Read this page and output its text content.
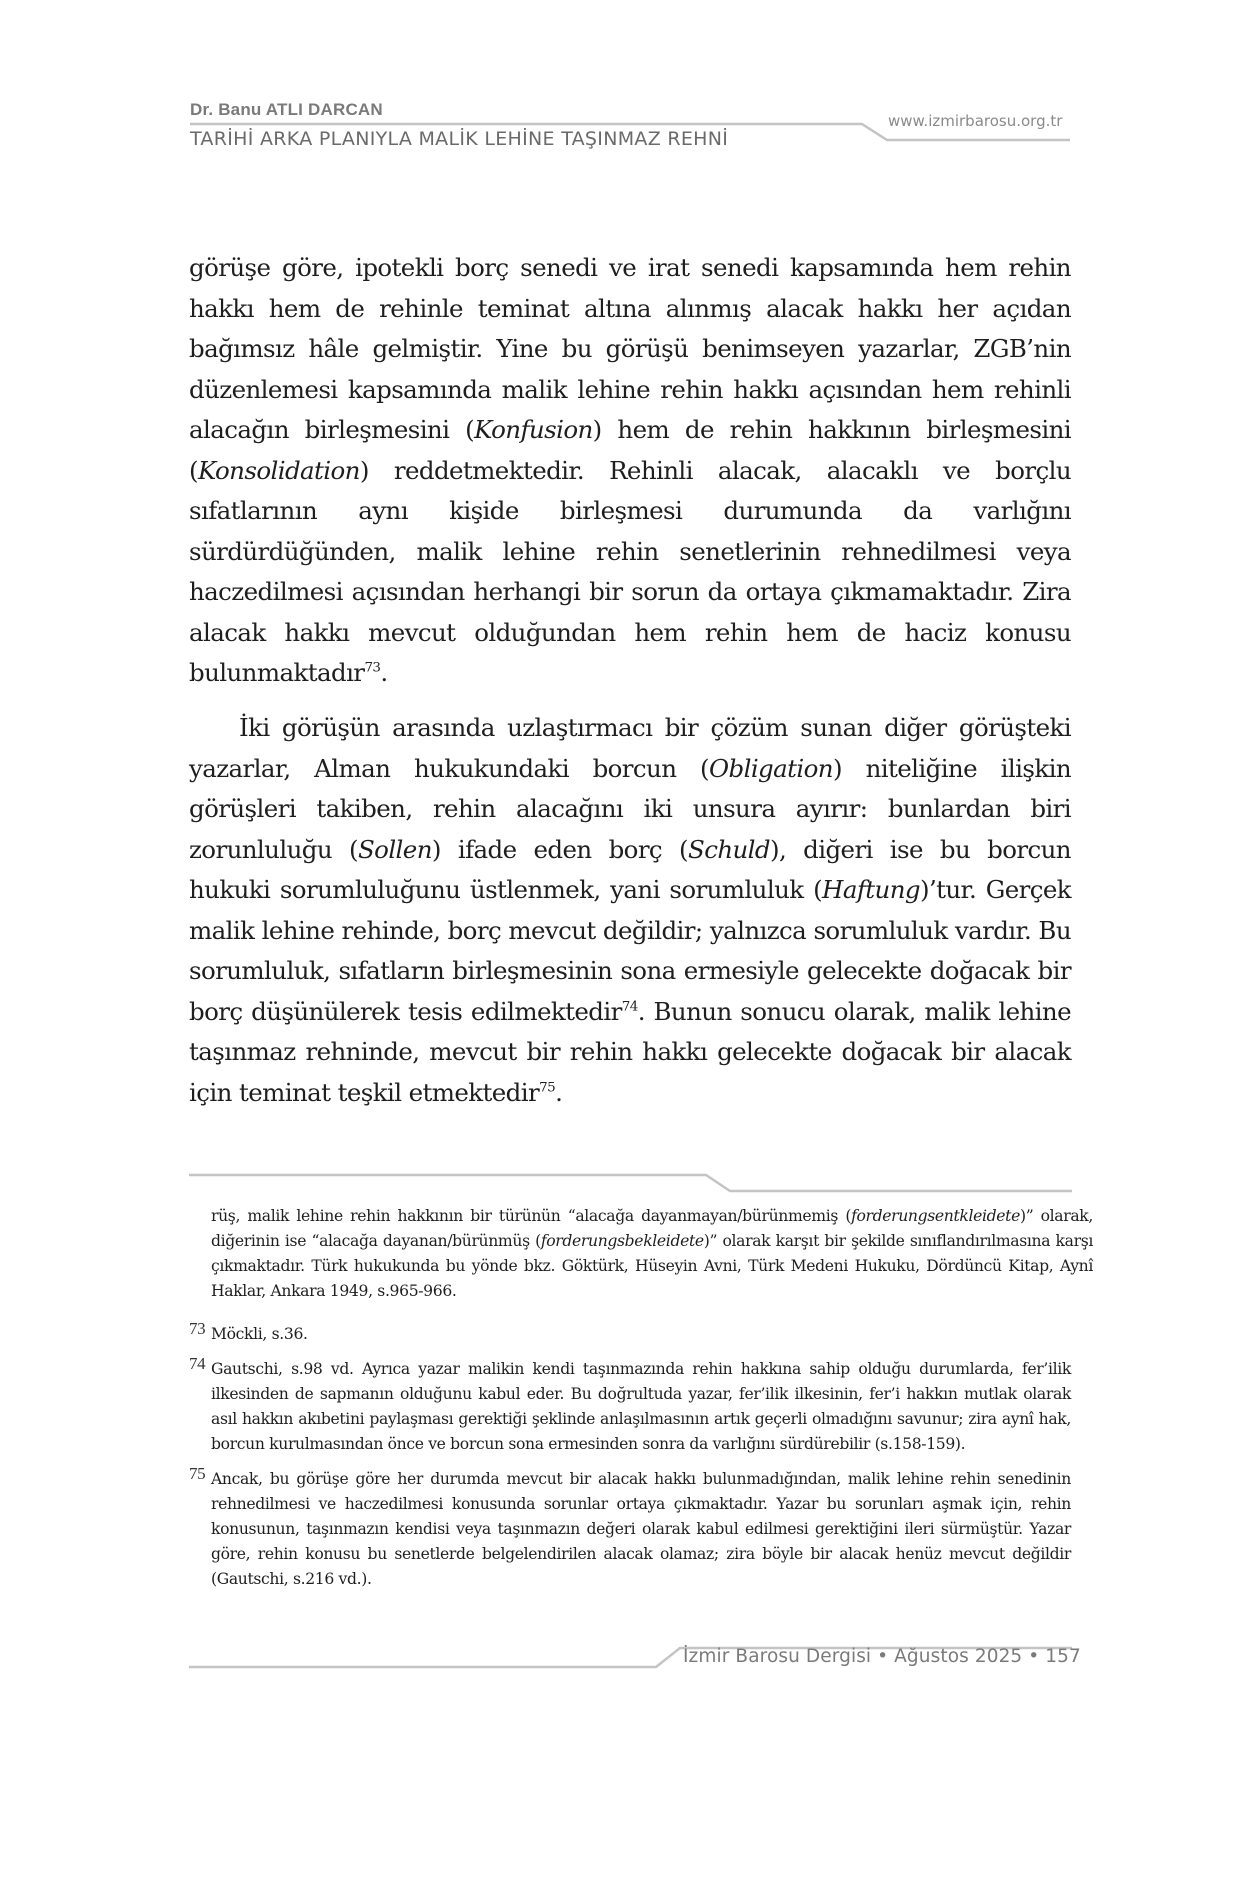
Dr. Banu ATLI DARCAN
TARİHİ ARKA PLANIYLA MALİK LEHİNE TAŞINMAZ REHNİ
www.izmirbarosu.org.tr

görüşe göre, ipotekli borç senedi ve irat senedi kapsamında hem rehin hakkı hem de rehinle teminat altına alınmış alacak hakkı her açıdan bağımsız hâle gelmiştir. Yine bu görüşü benimseyen yazarlar, ZGB’nin düzenlemesi kapsamında malik lehine rehin hakkı açısından hem rehinli alacağın birleşmesini (Konfusion) hem de rehin hakkının birleşmesini (Konsolidation) reddetmektedir. Rehinli alacak, alacaklı ve borçlu sıfatlarının aynı kişide birleşmesi durumunda da varlığını sürdürdüğünden, malik lehine rehin senetlerinin rehnedilmesi veya haczedilmesi açısından herhangi bir sorun da ortaya çıkmamaktadır. Zira alacak hakkı mevcut olduğundan hem rehin hem de haciz konusu bulunmaktadır$^{73}$.

İki görüşün arasında uzlaştırmacı bir çözüm sunan diğer görüşteki yazarlar, Alman hukukundaki borcun (Obligation) niteliğine ilişkin görüşleri takiben, rehin alacağını iki unsura ayırır: bunlardan biri zorunluluğu (Sollen) ifade eden borç (Schuld), diğeri ise bu borcun hukuki sorumluluğunu üstlenmek, yani sorumluluk (Haftung)’tur. Gerçek malik lehine rehinde, borç mevcut değildir; yalnızca sorumluluk vardır. Bu sorumluluk, sıfatların birleşmesinin sona ermesiyle gelecekte doğacak bir borç düşünülerek tesis edilmektedir$^{74}$. Bunun sonucu olarak, malik lehine taşınmaz rehninde, mevcut bir rehin hakkı gelecekte doğacak bir alacak için teminat teşkil etmektedir$^{75}$.

rüş, malik lehine rehin hakkının bir türünün “alacağa dayanmayan/bürünmemiş (forderungsentkleidete)” olarak, diğerinin ise “alacağa dayanan/bürünmüş (forderungsbekleidete)” olarak karşıt bir şekilde sınıflandırılmasına karşı çıkmaktadır. Türk hukukunda bu yönde bkz. Göktürk, Hüseyin Avni, Türk Medeni Hukuku, Dördüncü Kitap, Aynî Haklar, Ankara 1949, s.965-966.
73 Möckli, s.36.
74 Gautschi, s.98 vd. Ayrıca yazar malikin kendi taşınmazında rehin hakkına sahip olduğu durumlarda, fer’ilik ilkesinden de sapmanın olduğunu kabul eder. Bu doğrultuda yazar, fer’ilik ilkesinin, fer’i hakkın mutlak olarak asıl hakkın akıbetini paylaşması gerektiği şeklinde anlaşılmasının artık geçerli olmadığını savunur; zira aynî hak, borcun kurulmasından önce ve borcun sona ermesinden sonra da varlığını sürdürebilir (s.158-159).
75 Ancak, bu görüşe göre her durumda mevcut bir alacak hakkı bulunmadığından, malik lehine rehin senedinin rehnedilmesi ve haczedilmesi konusunda sorunlar ortaya çıkmaktadır. Yazar bu sorunları aşmak için, rehin konusunun, taşınmazın kendisi veya taşınmazın değeri olarak kabul edilmesi gerektiğini ileri sürmüştür. Yazar göre, rehin konusu bu senetlerde belgelendirilen alacak olamaz; zira böyle bir alacak henüz mevcut değildir (Gautschi, s.216 vd.).
İzmir Barosu Dergisi • Ağustos 2025 • 157
